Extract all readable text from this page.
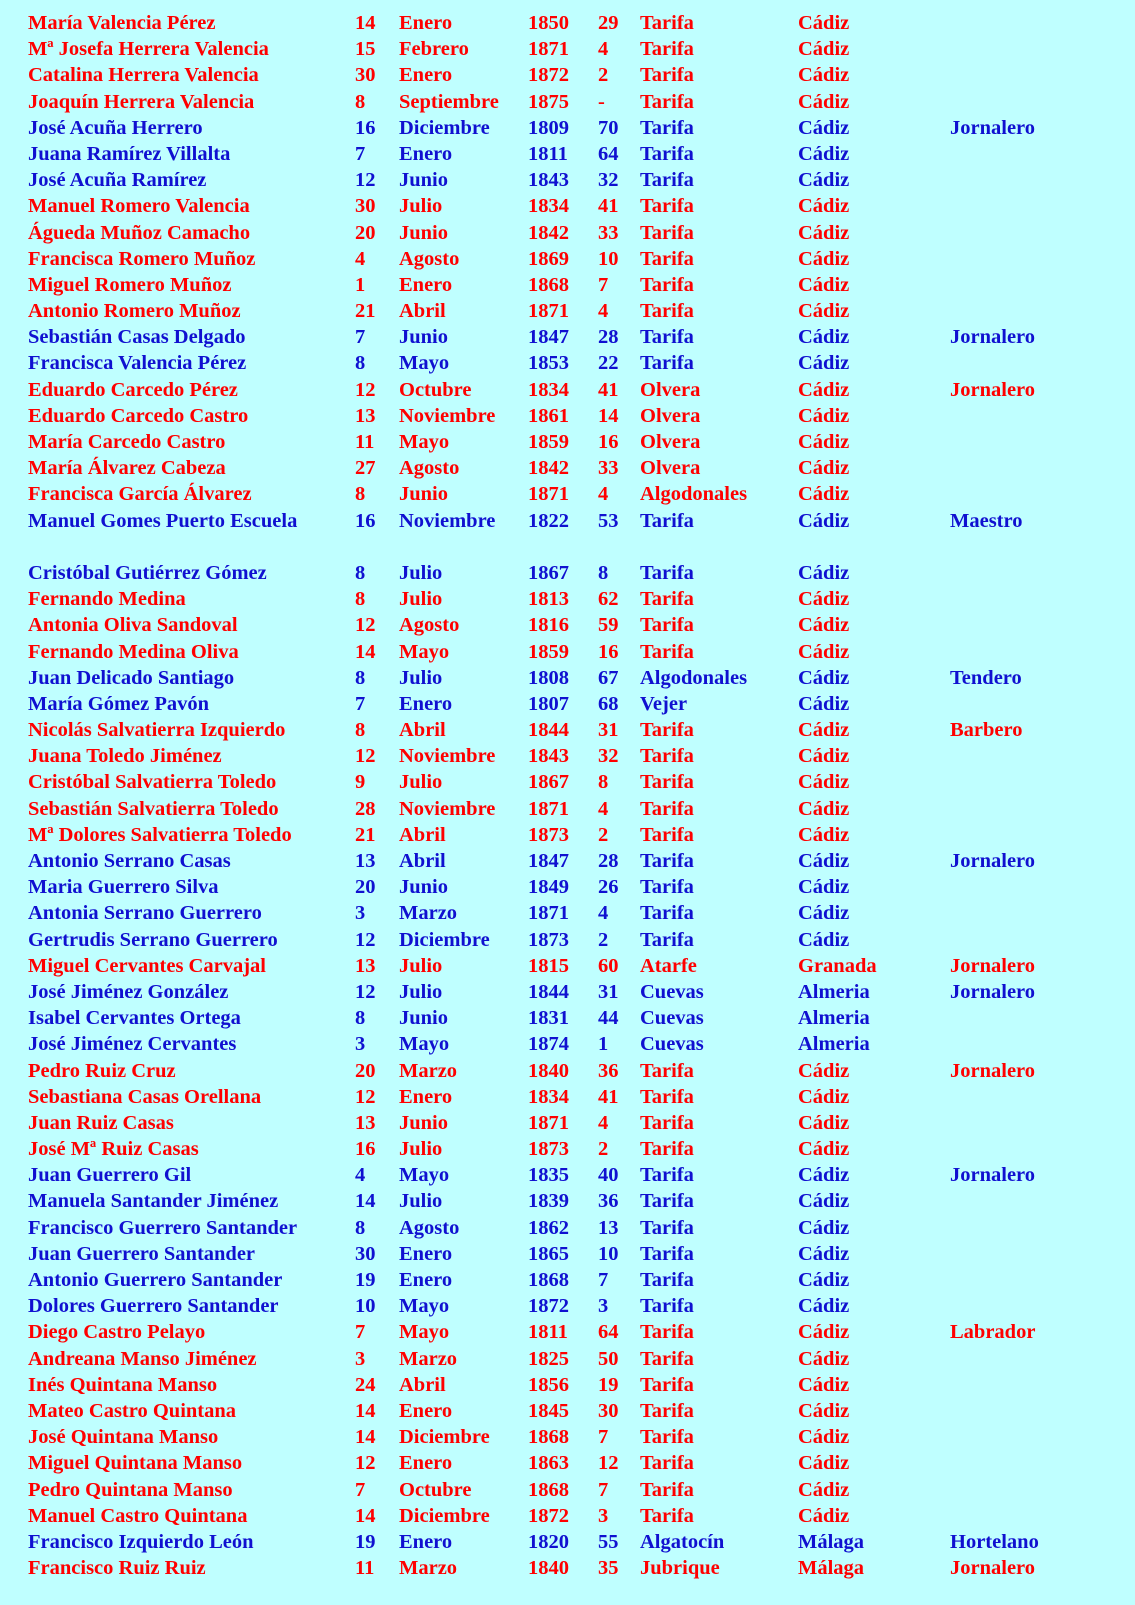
María Valencia Pérez	14 Enero	1850 29 Tarifa	Cádiz
Mª Josefa Herrera Valencia	15 Febrero	1871 4 Tarifa	Cádiz
Catalina Herrera Valencia	30 Enero	1872 2 Tarifa	Cádiz
Joaquín Herrera Valencia	8 Septiembre 1875 - Tarifa	Cádiz
José Acuña Herrero	16 Diciembre 1809 70 Tarifa	Cádiz	Jornalero
Juana Ramírez Villalta	7 Enero	1811 64 Tarifa	Cádiz
José Acuña Ramírez	12 Junio	1843 32 Tarifa	Cádiz
Manuel Romero Valencia	30 Julio	1834 41 Tarifa	Cádiz
Águeda Muñoz Camacho	20 Junio	1842 33 Tarifa	Cádiz
Francisca Romero Muñoz	4 Agosto	1869 10 Tarifa	Cádiz
Miguel Romero Muñoz	1 Enero	1868 7 Tarifa	Cádiz
Antonio Romero Muñoz	21 Abril	1871 4 Tarifa	Cádiz
Sebastián Casas Delgado	7 Junio	1847 28 Tarifa	Cádiz	Jornalero
Francisca Valencia Pérez	8 Mayo	1853 22 Tarifa	Cádiz
Eduardo Carcedo Pérez	12 Octubre	1834 41 Olvera	Cádiz	Jornalero
Eduardo Carcedo Castro	13 Noviembre 1861 14 Olvera	Cádiz
María Carcedo Castro	11 Mayo	1859 16 Olvera	Cádiz
María Álvarez Cabeza	27 Agosto	1842 33 Olvera	Cádiz
Francisca García Álvarez	8 Junio	1871 4 Algodonales Cádiz
Manuel Gomes Puerto Escuela	16 Noviembre 1822 53 Tarifa	Cádiz	Maestro
Cristóbal Gutiérrez Gómez	8 Julio	1867 8 Tarifa	Cádiz
Fernando Medina	8 Julio	1813 62 Tarifa	Cádiz
Antonia Oliva Sandoval	12 Agosto	1816 59 Tarifa	Cádiz
Fernando Medina Oliva	14 Mayo	1859 16 Tarifa	Cádiz
Juan Delicado Santiago	8 Julio	1808 67 Algodonales Cádiz	Tendero
María Gómez Pavón	7 Enero	1807 68 Vejer	Cádiz
Nicolás Salvatierra Izquierdo	8 Abril	1844 31 Tarifa	Cádiz	Barbero
Juana Toledo Jiménez	12 Noviembre 1843 32 Tarifa	Cádiz
Cristóbal Salvatierra Toledo	9 Julio	1867 8 Tarifa	Cádiz
Sebastián Salvatierra Toledo	28 Noviembre 1871 4 Tarifa	Cádiz
Mª Dolores Salvatierra Toledo	21 Abril	1873 2 Tarifa	Cádiz
Antonio Serrano Casas	13 Abril	1847 28 Tarifa	Cádiz	Jornalero
Maria Guerrero Silva	20 Junio	1849 26 Tarifa	Cádiz
Antonia Serrano Guerrero	3 Marzo	1871 4 Tarifa	Cádiz
Gertrudis Serrano Guerrero	12 Diciembre 1873 2 Tarifa	Cádiz
Miguel Cervantes Carvajal	13 Julio	1815 60 Atarfe	Granada	Jornalero
José Jiménez González	12 Julio	1844 31 Cuevas	Almeria	Jornalero
Isabel Cervantes Ortega	8 Junio	1831 44 Cuevas	Almeria
José Jiménez Cervantes	3 Mayo	1874 1 Cuevas	Almeria
Pedro Ruiz Cruz	20 Marzo	1840 36 Tarifa	Cádiz	Jornalero
Sebastiana Casas Orellana	12 Enero	1834 41 Tarifa	Cádiz
Juan Ruiz Casas	13 Junio	1871 4 Tarifa	Cádiz
José Mª Ruiz Casas	16 Julio	1873 2 Tarifa	Cádiz
Juan Guerrero Gil	4 Mayo	1835 40 Tarifa	Cádiz	Jornalero
Manuela Santander Jiménez	14 Julio	1839 36 Tarifa	Cádiz
Francisco Guerrero Santander	8 Agosto	1862 13 Tarifa	Cádiz
Juan Guerrero Santander	30 Enero	1865 10 Tarifa	Cádiz
Antonio Guerrero Santander	19 Enero	1868 7 Tarifa	Cádiz
Dolores Guerrero Santander	10 Mayo	1872 3 Tarifa	Cádiz
Diego Castro Pelayo	7 Mayo	1811 64 Tarifa	Cádiz	Labrador
Andreana Manso Jiménez	3 Marzo	1825 50 Tarifa	Cádiz
Inés Quintana Manso	24 Abril	1856 19 Tarifa	Cádiz
Mateo Castro Quintana	14 Enero	1845 30 Tarifa	Cádiz
José Quintana Manso	14 Diciembre 1868 7 Tarifa	Cádiz
Miguel Quintana Manso	12 Enero	1863 12 Tarifa	Cádiz
Pedro Quintana Manso	7 Octubre	1868 7 Tarifa	Cádiz
Manuel Castro Quintana	14 Diciembre 1872 3 Tarifa	Cádiz
Francisco Izquierdo León	19 Enero	1820 55 Algatocín	Málaga	Hortelano
Francisco Ruiz Ruiz	11 Marzo	1840 35 Jubrique	Málaga	Jornalero
